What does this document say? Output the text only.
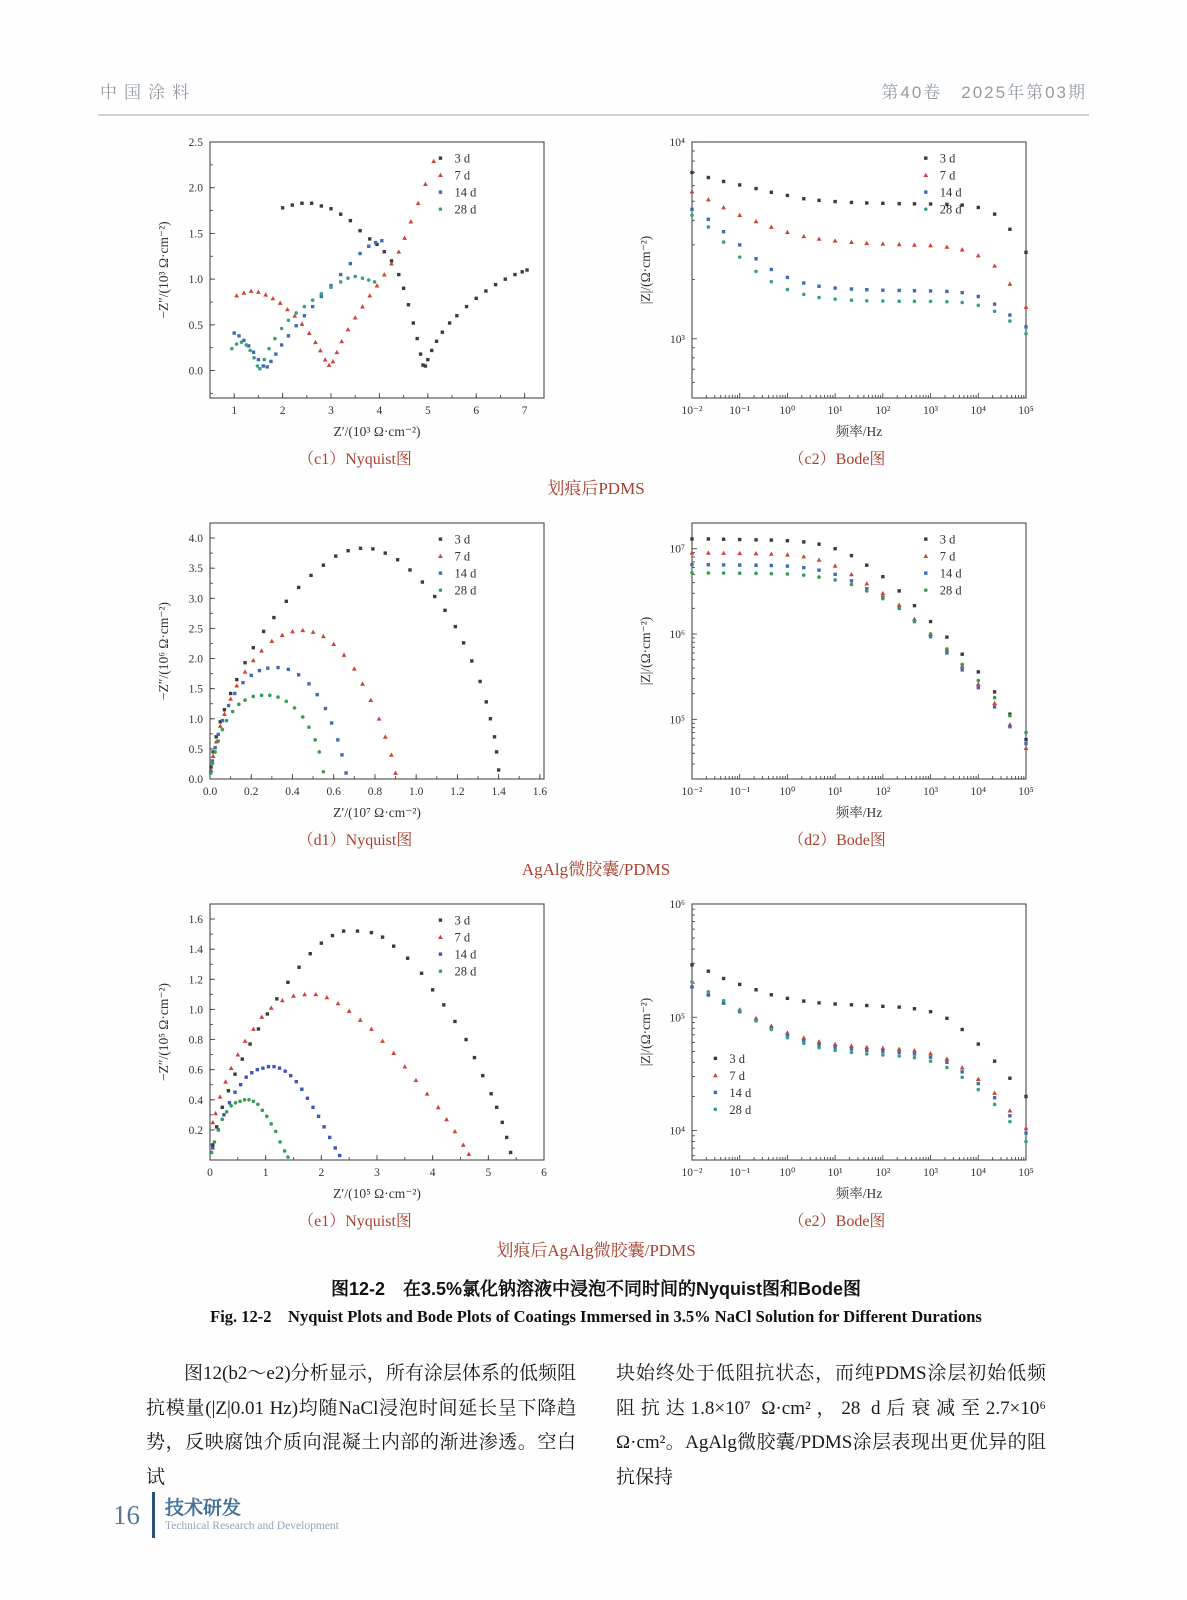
中国涂料	第40卷　2025年第03期
1	2	3	4	5	6	7
0.0
0.5
1.0
1.5
2.0
2.5
Z′/(10³ Ω·cm⁻²)
−Z″/(10³ Ω·cm⁻²)
3 d
7 d
14 d
28 d

（c1）Nyquist图

10⁻² 10⁻¹	10⁰	10¹	10²	10³	10⁴	10⁵
10³
10⁴
频率/Hz
|Z|/(Ω·cm⁻²)
3 d
7 d
14 d
28 d

（c2）Bode图

划痕后PDMS

0.0 0.2 0.4 0.6 0.8 1.0 1.2 1.4 1.6
0.0
0.5
1.0
1.5
2.0
2.5
3.0
3.5
4.0
Z′/(10⁷ Ω·cm⁻²)
−Z″/(10⁶ Ω·cm⁻²)
3 d
7 d
14 d
28 d

（d1）Nyquist图

10⁻² 10⁻¹	10⁰	10¹	10²	10³	10⁴	10⁵
10⁵
10⁶
10⁷
频率/Hz
|Z|/(Ω·cm⁻²)
3 d
7 d
14 d
28 d

（d2）Bode图

AgAlg微胶囊/PDMS

0	1	2	3	4	5	6
0.2
0.4
0.6
0.8
1.0
1.2
1.4
1.6
Z′/(10⁵ Ω·cm⁻²)
−Z″/(10⁵ Ω·cm⁻²)
3 d
7 d
14 d
28 d

（e1）Nyquist图

10⁻² 10⁻¹	10⁰	10¹	10²	10³	10⁴	10⁵
10⁴
10⁵
10⁶
频率/Hz
|Z|/(Ω·cm⁻²)	3 d
7 d
14 d
28 d

（e2）Bode图

划痕后AgAlg微胶囊/PDMS

图12-2　在3.5%氯化钠溶液中浸泡不同时间的Nyquist图和Bode图

Fig. 12-2　Nyquist Plots and Bode Plots of Coatings Immersed in 3.5% NaCl Solution for Different Durations

图12(b2～e2)分析显示，所有涂层体系的低频阻抗模量(|Z|0.01 Hz)均随NaCl浸泡时间延长呈下降趋势，反映腐蚀介质向混凝土内部的渐进渗透。空白试

块始终处于低阻抗状态，而纯PDMS涂层初始低频阻抗达1.8×10⁷ Ω·cm²，28 d后衰减至2.7×10⁶ Ω·cm²。AgAlg微胶囊/PDMS涂层表现出更优异的阻抗保持

16 技术研发
Technical Research and Development
